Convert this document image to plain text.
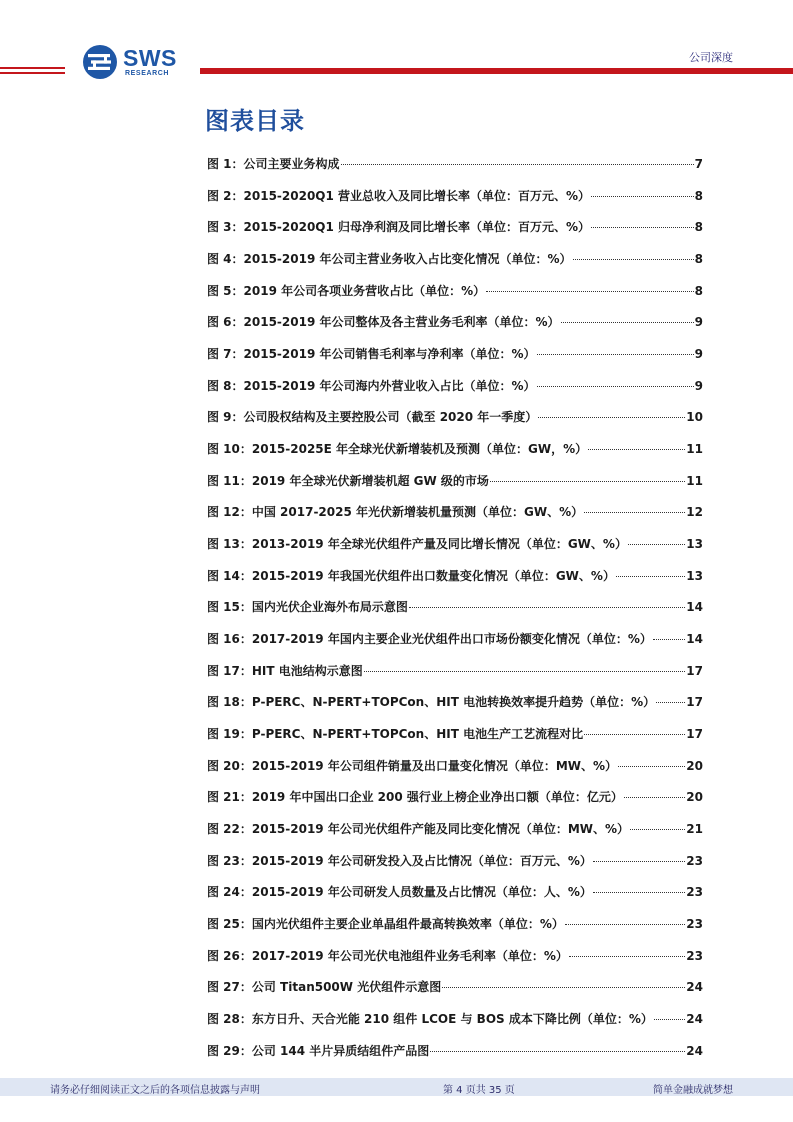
SWS
RESEARCH
公司深度
图表目录
图 1：公司主要业务构成	7
图 2：2015-2020Q1 营业总收入及同比增长率（单位：百万元、%）	8
图 3：2015-2020Q1 归母净利润及同比增长率（单位：百万元、%）	8
图 4：2015-2019 年公司主营业务收入占比变化情况（单位：%）	8
图 5：2019 年公司各项业务营收占比（单位：%）	8
图 6：2015-2019 年公司整体及各主营业务毛利率（单位：%）	9
图 7：2015-2019 年公司销售毛利率与净利率（单位：%）	9
图 8：2015-2019 年公司海内外营业收入占比（单位：%）	9
图 9：公司股权结构及主要控股公司（截至 2020 年一季度）	10
图 10：2015-2025E 年全球光伏新增装机及预测（单位：GW，%）	11
图 11：2019 年全球光伏新增装机超 GW 级的市场	11
图 12：中国 2017-2025 年光伏新增装机量预测（单位：GW、%）	12
图 13：2013-2019 年全球光伏组件产量及同比增长情况（单位：GW、%）	13
图 14：2015-2019 年我国光伏组件出口数量变化情况（单位：GW、%）	13
图 15：国内光伏企业海外布局示意图	14
图 16：2017-2019 年国内主要企业光伏组件出口市场份额变化情况（单位：%）	14
图 17：HIT 电池结构示意图	17
图 18：P-PERC、N-PERT+TOPCon、HIT 电池转换效率提升趋势（单位：%）	17
图 19：P-PERC、N-PERT+TOPCon、HIT 电池生产工艺流程对比	17
图 20：2015-2019 年公司组件销量及出口量变化情况（单位：MW、%）	20
图 21：2019 年中国出口企业 200 强行业上榜企业净出口额（单位：亿元）	20
图 22：2015-2019 年公司光伏组件产能及同比变化情况（单位：MW、%）	21
图 23：2015-2019 年公司研发投入及占比情况（单位：百万元、%）	23
图 24：2015-2019 年公司研发人员数量及占比情况（单位：人、%）	23
图 25：国内光伏组件主要企业单晶组件最高转换效率（单位：%）	23
图 26：2017-2019 年公司光伏电池组件业务毛利率（单位：%）	23
图 27：公司 Titan500W 光伏组件示意图	24
图 28：东方日升、天合光能 210 组件 LCOE 与 BOS 成本下降比例（单位：%）	24
图 29：公司 144 半片异质结组件产品图	24
请务必仔细阅读正文之后的各项信息披露与声明	第 4 页共 35 页	简单金融成就梦想
